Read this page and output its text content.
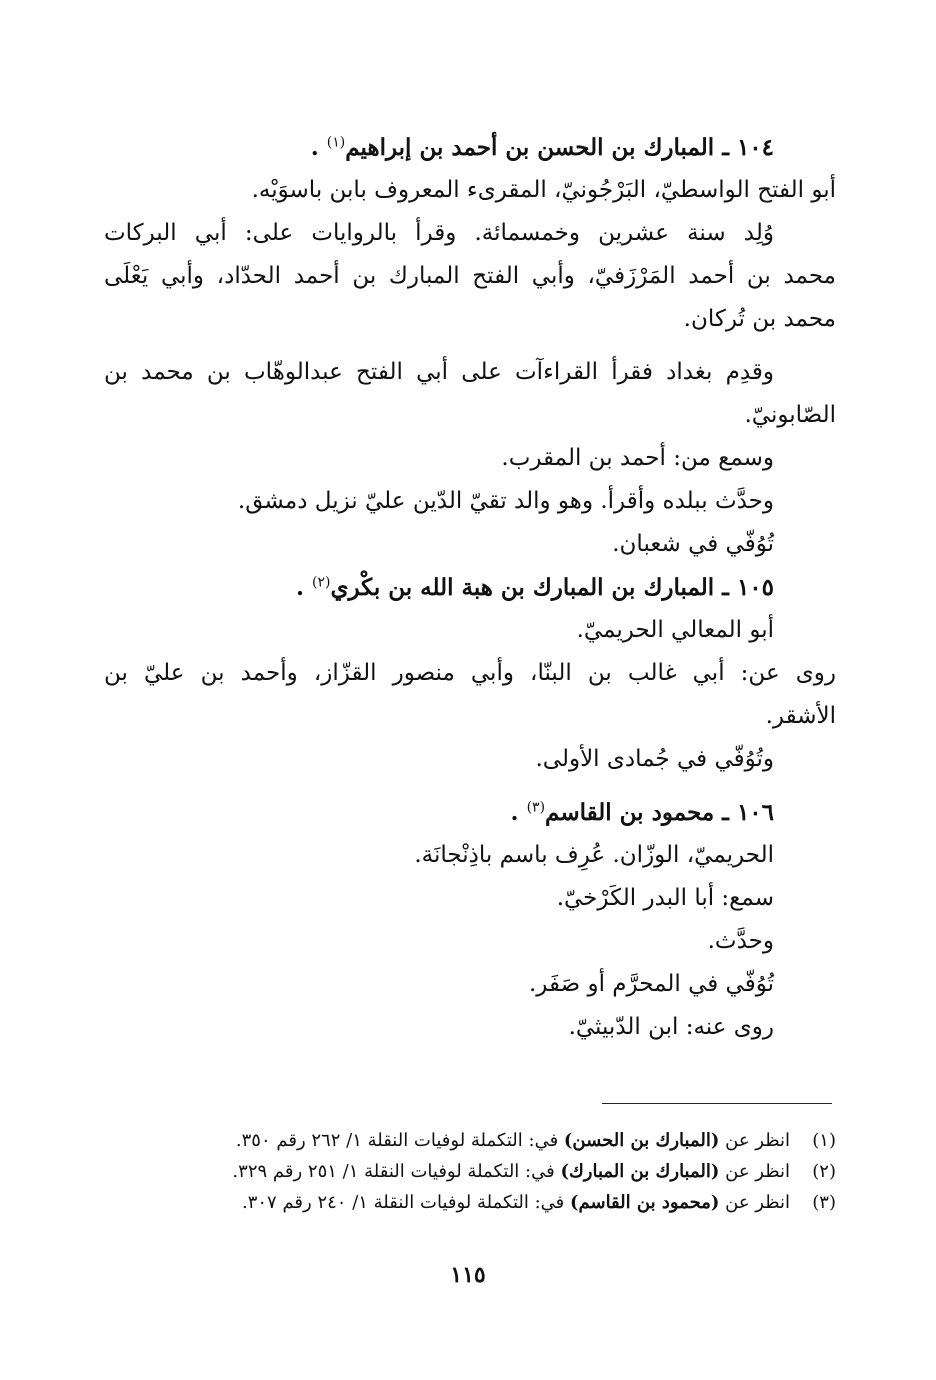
١٠٤ ـ المبارك بن الحسن بن أحمد بن إبراهيم$^{(١)}$ .
أبو الفتح الواسطيّ، البَرْجُونيّ، المقرىء المعروف بابن باسوَيْه.
وُلِد سنة عشرين وخمسمائة. وقرأ بالروايات على: أبي البركات
محمد بن أحمد المَرْزَفيّ، وأبي الفتح المبارك بن أحمد الحدّاد، وأبي يَعْلَى
محمد بن تُركان.
وقدِم بغداد فقرأ القراءآت على أبي الفتح عبدالوهّاب بن محمد بن
الصّابونيّ.
وسمع من: أحمد بن المقرب.
وحدَّث ببلده وأقرأ. وهو والد تقيّ الدّين عليّ نزيل دمشق.
تُوُفّي في شعبان.
١٠٥ ـ المبارك بن المبارك بن هبة الله بن بكْري$^{(٢)}$ .
أبو المعالي الحريميّ.
روى عن: أبي غالب بن البنّا، وأبي منصور القزّاز، وأحمد بن عليّ بن
الأشقر.
وتُوُفّي في جُمادى الأولى.
١٠٦ ـ محمود بن القاسم$^{(٣)}$ .
الحريميّ، الوزّان. عُرِف باسم باذِنْجانَة.
سمع: أبا البدر الكَرْخيّ.
وحدَّث.
تُوُفّي في المحرَّم أو صَفَر.
روى عنه: ابن الدّبيثيّ.
(١)انظر عن (المبارك بن الحسن) في: التكملة لوفيات النقلة ١/ ٢٦٢ رقم ٣٥٠.
(٢)انظر عن (المبارك بن المبارك) في: التكملة لوفيات النقلة ١/ ٢٥١ رقم ٣٢٩.
(٣)انظر عن (محمود بن القاسم) في: التكملة لوفيات النقلة ١/ ٢٤٠ رقم ٣٠٧.
١١٥
